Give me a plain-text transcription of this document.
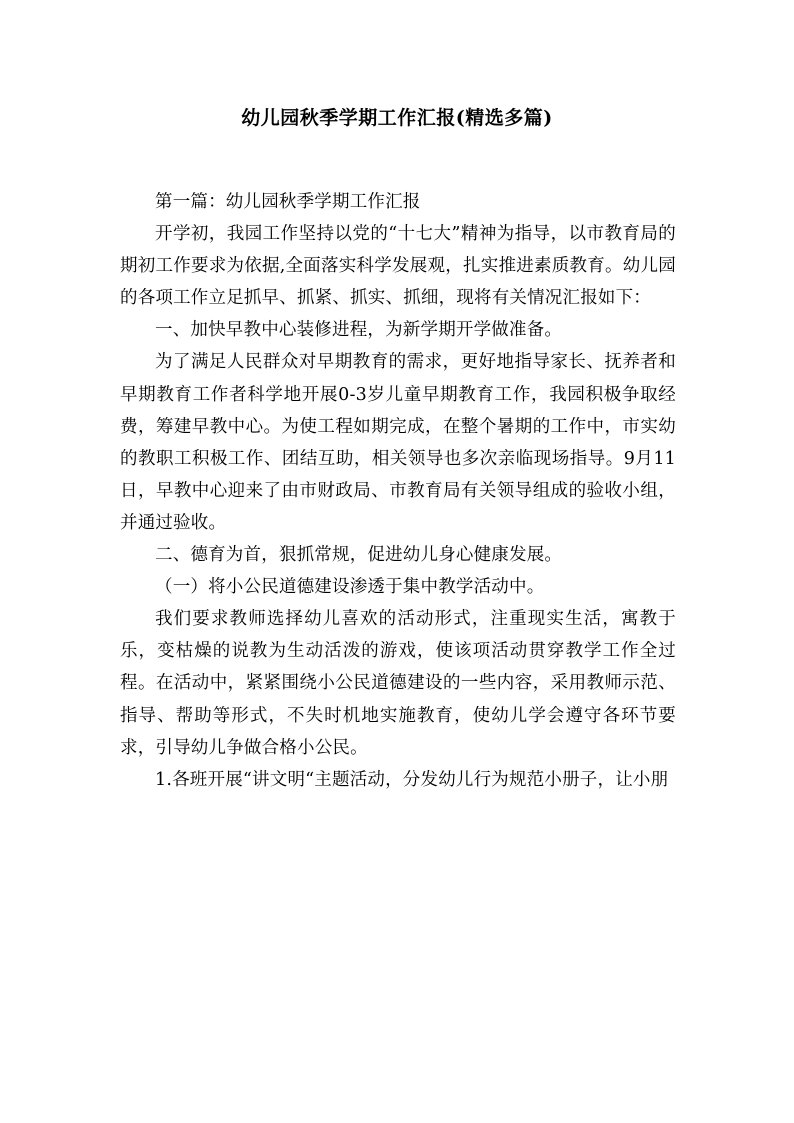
幼儿园秋季学期工作汇报(精选多篇)

第一篇：幼儿园秋季学期工作汇报

开学初，我园工作坚持以党的“十七大”精神为指导，以市教育局的期初工作要求为依据,全面落实科学发展观，扎实推进素质教育。幼儿园的各项工作立足抓早、抓紧、抓实、抓细，现将有关情况汇报如下：

一、加快早教中心装修进程，为新学期开学做准备。

为了满足人民群众对早期教育的需求，更好地指导家长、抚养者和早期教育工作者科学地开展0-3岁儿童早期教育工作，我园积极争取经费，筹建早教中心。为使工程如期完成，在整个暑期的工作中，市实幼的教职工积极工作、团结互助，相关领导也多次亲临现场指导。9月11日，早教中心迎来了由市财政局、市教育局有关领导组成的验收小组，并通过验收。

二、德育为首，狠抓常规，促进幼儿身心健康发展。

（一）将小公民道德建设渗透于集中教学活动中。

我们要求教师选择幼儿喜欢的活动形式，注重现实生活，寓教于乐，变枯燥的说教为生动活泼的游戏，使该项活动贯穿教学工作全过程。在活动中，紧紧围绕小公民道德建设的一些内容，采用教师示范、指导、帮助等形式，不失时机地实施教育，使幼儿学会遵守各环节要求，引导幼儿争做合格小公民。

1.各班开展“讲文明“主题活动，分发幼儿行为规范小册子，让小朋
